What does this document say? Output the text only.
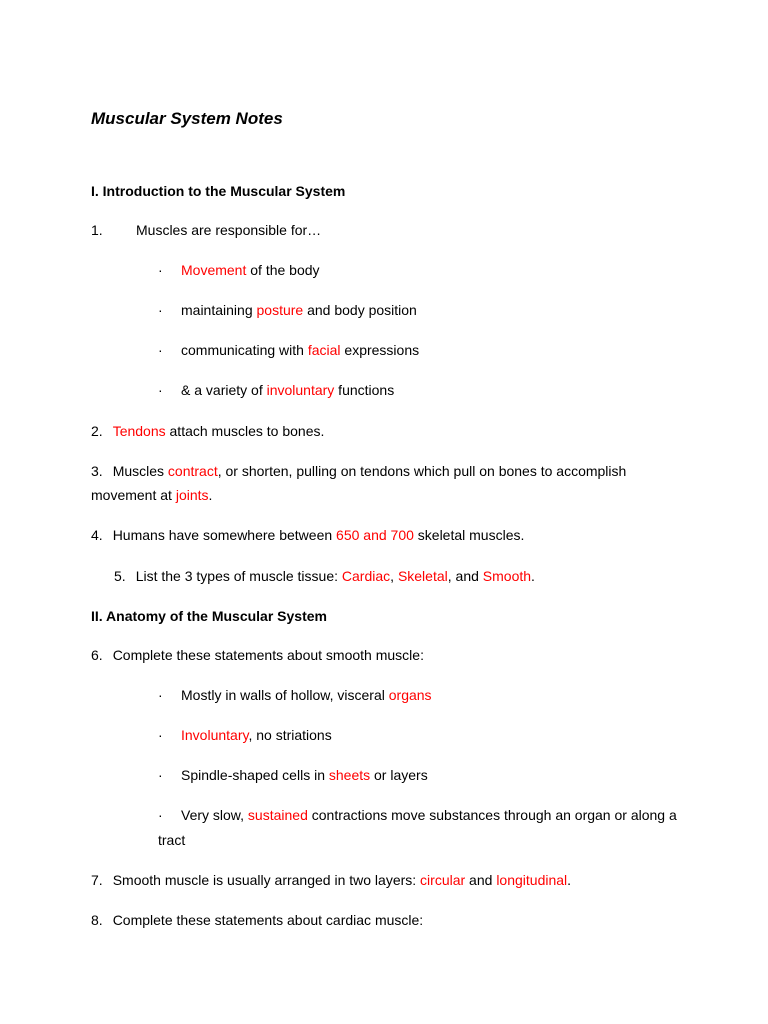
Muscular System Notes
I. Introduction to the Muscular System
1. Muscles are responsible for…
·	Movement of the body
·	maintaining posture and body position
·	communicating with facial expressions
·	& a variety of involuntary functions
2. Tendons attach muscles to bones.
3. Muscles contract, or shorten, pulling on tendons which pull on bones to accomplish
movement at joints.
4. Humans have somewhere between 650 and 700 skeletal muscles.
5. List the 3 types of muscle tissue: Cardiac, Skeletal, and Smooth.
II. Anatomy of the Muscular System
6. Complete these statements about smooth muscle:
·	Mostly in walls of hollow, visceral organs
·	Involuntary, no striations
·	Spindle-shaped cells in sheets or layers
·	Very slow, sustained contractions move substances through an organ or along a
tract
7. Smooth muscle is usually arranged in two layers: circular and longitudinal.
8. Complete these statements about cardiac muscle:
